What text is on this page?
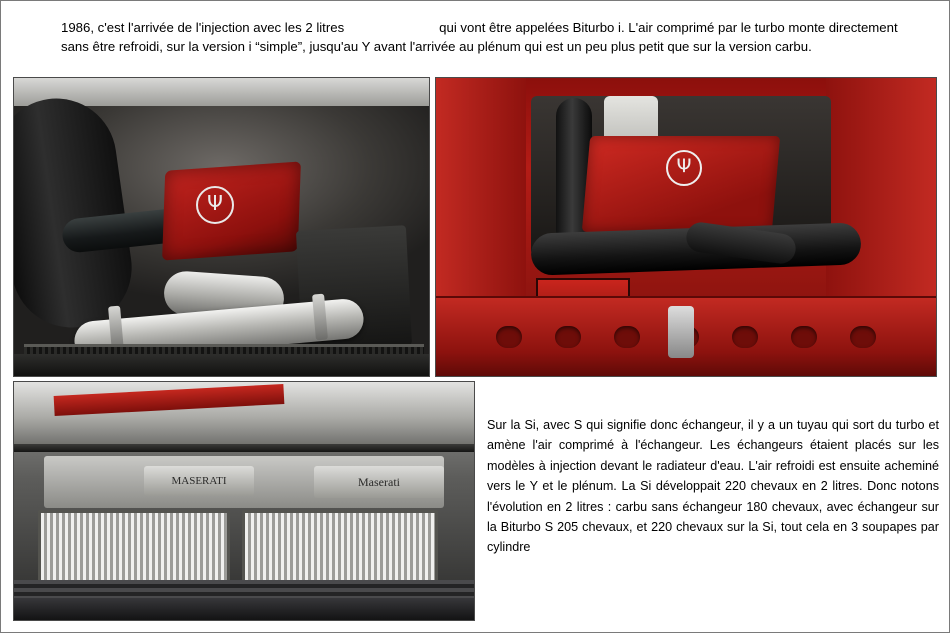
1986, c'est l'arrivée de l'injection avec les 2 litres	qui vont être appelées Biturbo i. L'air comprimé par le turbo monte directement
sans être refroidi, sur la version i “simple”, jusqu'au Y avant l'arrivée au plénum qui est un peu plus petit que sur la version carbu.
Ψ
Ψ
MASERATI	Maserati
Sur la Si, avec S qui signifie donc échangeur, il y a un tuyau qui sort du turbo et amène l'air comprimé à l'échangeur. Les échangeurs étaient placés sur les modèles à injection devant le radiateur d'eau. L'air refroidi est ensuite acheminé vers le Y et le plénum. La Si développait 220 chevaux en 2 litres. Donc notons l'évolution en 2 litres : carbu sans échangeur 180 chevaux, avec échangeur sur la Biturbo S 205 chevaux, et 220 chevaux sur la Si, tout cela en 3 soupapes par cylindre
